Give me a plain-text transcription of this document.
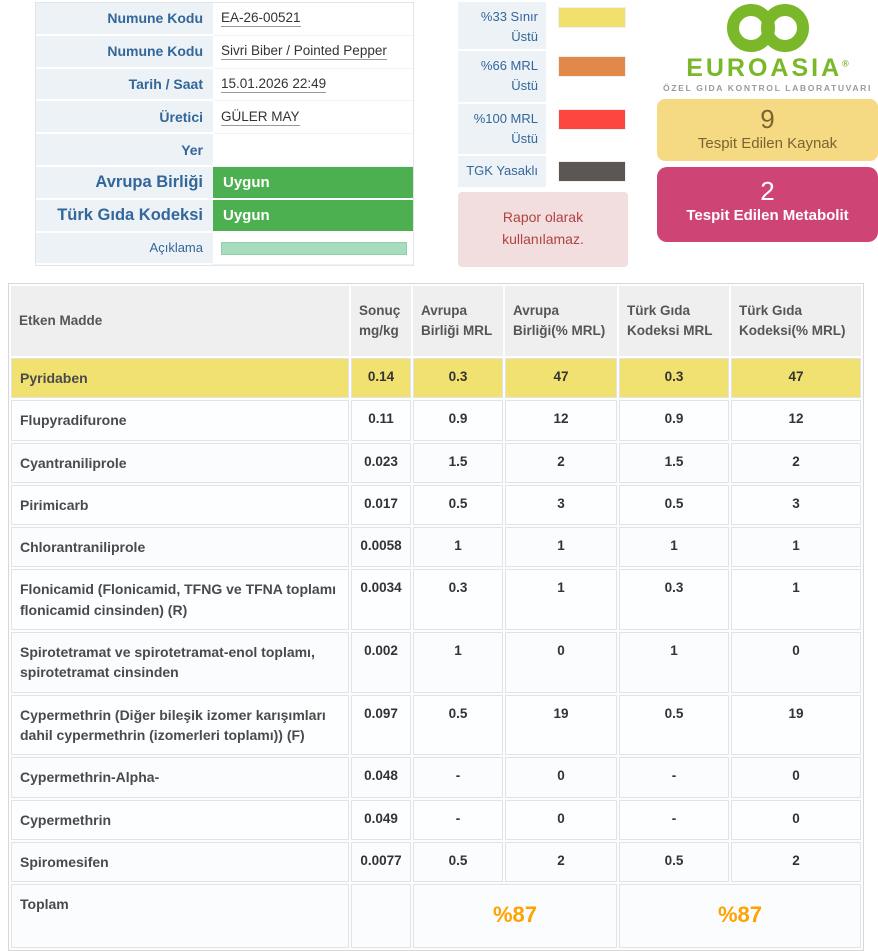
Numune Kodu	EA-26-00521
Numune Kodu	Sivri Biber / Pointed Pepper
Tarih / Saat	15.01.2026 22:49
Üretici	GÜLER MAY
Yer
Avrupa Birliği	Uygun
Türk Gıda Kodeksi	Uygun
Açıklama
%33 Sınır Üstü
%66 MRL Üstü
%100 MRL Üstü
TGK Yasaklı
Rapor olarak kullanılamaz.
EUROASIA®
ÖZEL GIDA KONTROL LABORATUVARI
9
Tespit Edilen Kaynak
2
Tespit Edilen Metabolit
Etken Madde	Sonuç mg/kg	Avrupa Birliği MRL	Avrupa Birliği(% MRL)	Türk Gıda Kodeksi MRL	Türk Gıda Kodeksi(% MRL)
Pyridaben	0.14	0.3	47	0.3	47
Flupyradifurone	0.11	0.9	12	0.9	12
Cyantraniliprole	0.023	1.5	2	1.5	2
Pirimicarb	0.017	0.5	3	0.5	3
Chlorantraniliprole	0.0058	1	1	1	1
Flonicamid (Flonicamid, TFNG ve TFNA toplamı flonicamid cinsinden) (R)	0.0034	0.3	1	0.3	1
Spirotetramat ve spirotetramat-enol toplamı, spirotetramat cinsinden	0.002	1	0	1	0
Cypermethrin (Diğer bileşik izomer karışımları dahil cypermethrin (izomerleri toplamı)) (F)	0.097	0.5	19	0.5	19
Cypermethrin-Alpha-	0.048	-	0	-	0
Cypermethrin	0.049	-	0	-	0
Spiromesifen	0.0077	0.5	2	0.5	2
Toplam		%87		%87	
